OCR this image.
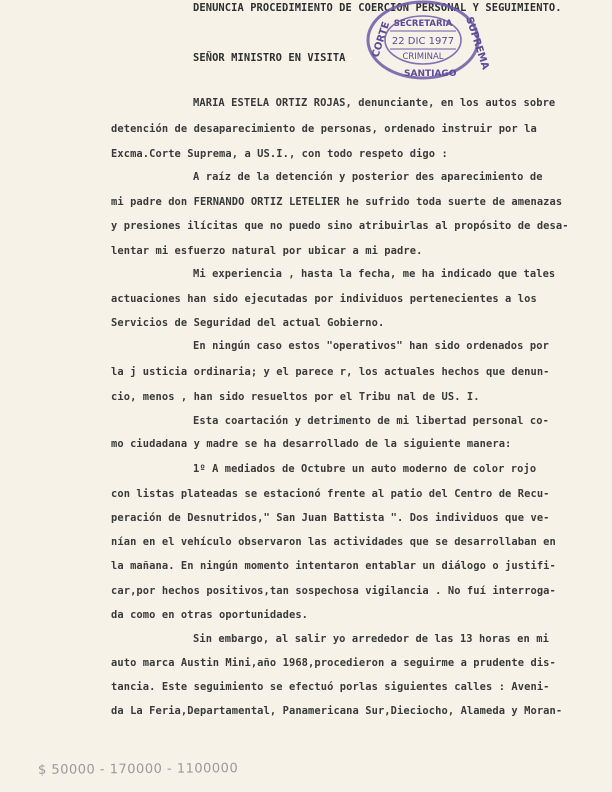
DENUNCIA PROCEDIMIENTO DE COERCION PERSONAL Y SEGUIMIENTO.
SEÑOR MINISTRO EN VISITA
MARIA ESTELA ORTIZ ROJAS, denunciante, en los autos sobre
detención de desaparecimiento de personas, ordenado instruir por la
Excma.Corte Suprema, a US.I., con todo respeto digo :
A raíz de la detención y posterior des aparecimiento de
mi padre don FERNANDO ORTIZ LETELIER he sufrido toda suerte de amenazas
y presiones ilícitas que no puedo sino atribuirlas al propósito de desa-
lentar mi esfuerzo natural por ubicar a mi padre.
Mi experiencia , hasta la fecha, me ha indicado que tales
actuaciones han sido ejecutadas por individuos pertenecientes a los
Servicios de Seguridad del actual Gobierno.
En ningún caso estos "operativos" han sido ordenados por
la j usticia ordinaria; y el parece r, los actuales hechos que denun-
cio, menos , han sido resueltos por el Tribu nal de US. I.
Esta coartación y detrimento de mi libertad personal co-
mo ciudadana y madre se ha desarrollado de la siguiente manera:
1º A mediados de Octubre un auto moderno de color rojo
con listas plateadas se estacionó frente al patio del Centro de Recu-
peración de Desnutridos," San Juan Battista ". Dos individuos que ve-
nían en el vehículo observaron las actividades que se desarrollaban en
la mañana. En ningún momento intentaron entablar un diálogo o justifi-
car,por hechos positivos,tan sospechosa vigilancia . No fuí interroga-
da como en otras oportunidades.
Sin embargo, al salir yo arrededor de las 13 horas en mi
auto marca Austin Mini,año 1968,procedieron a seguirme a prudente dis-
tancia. Este seguimiento se efectuó porlas siguientes calles : Aveni-
da La Feria,Departamental, Panamericana Sur,Dieciocho, Alameda y Moran-
SECRETARIA
22 DIC 1977
CRIMINAL
CORTE	SUPREMA
SANTIAGO
$ 50000 - 170000 - 1100000
